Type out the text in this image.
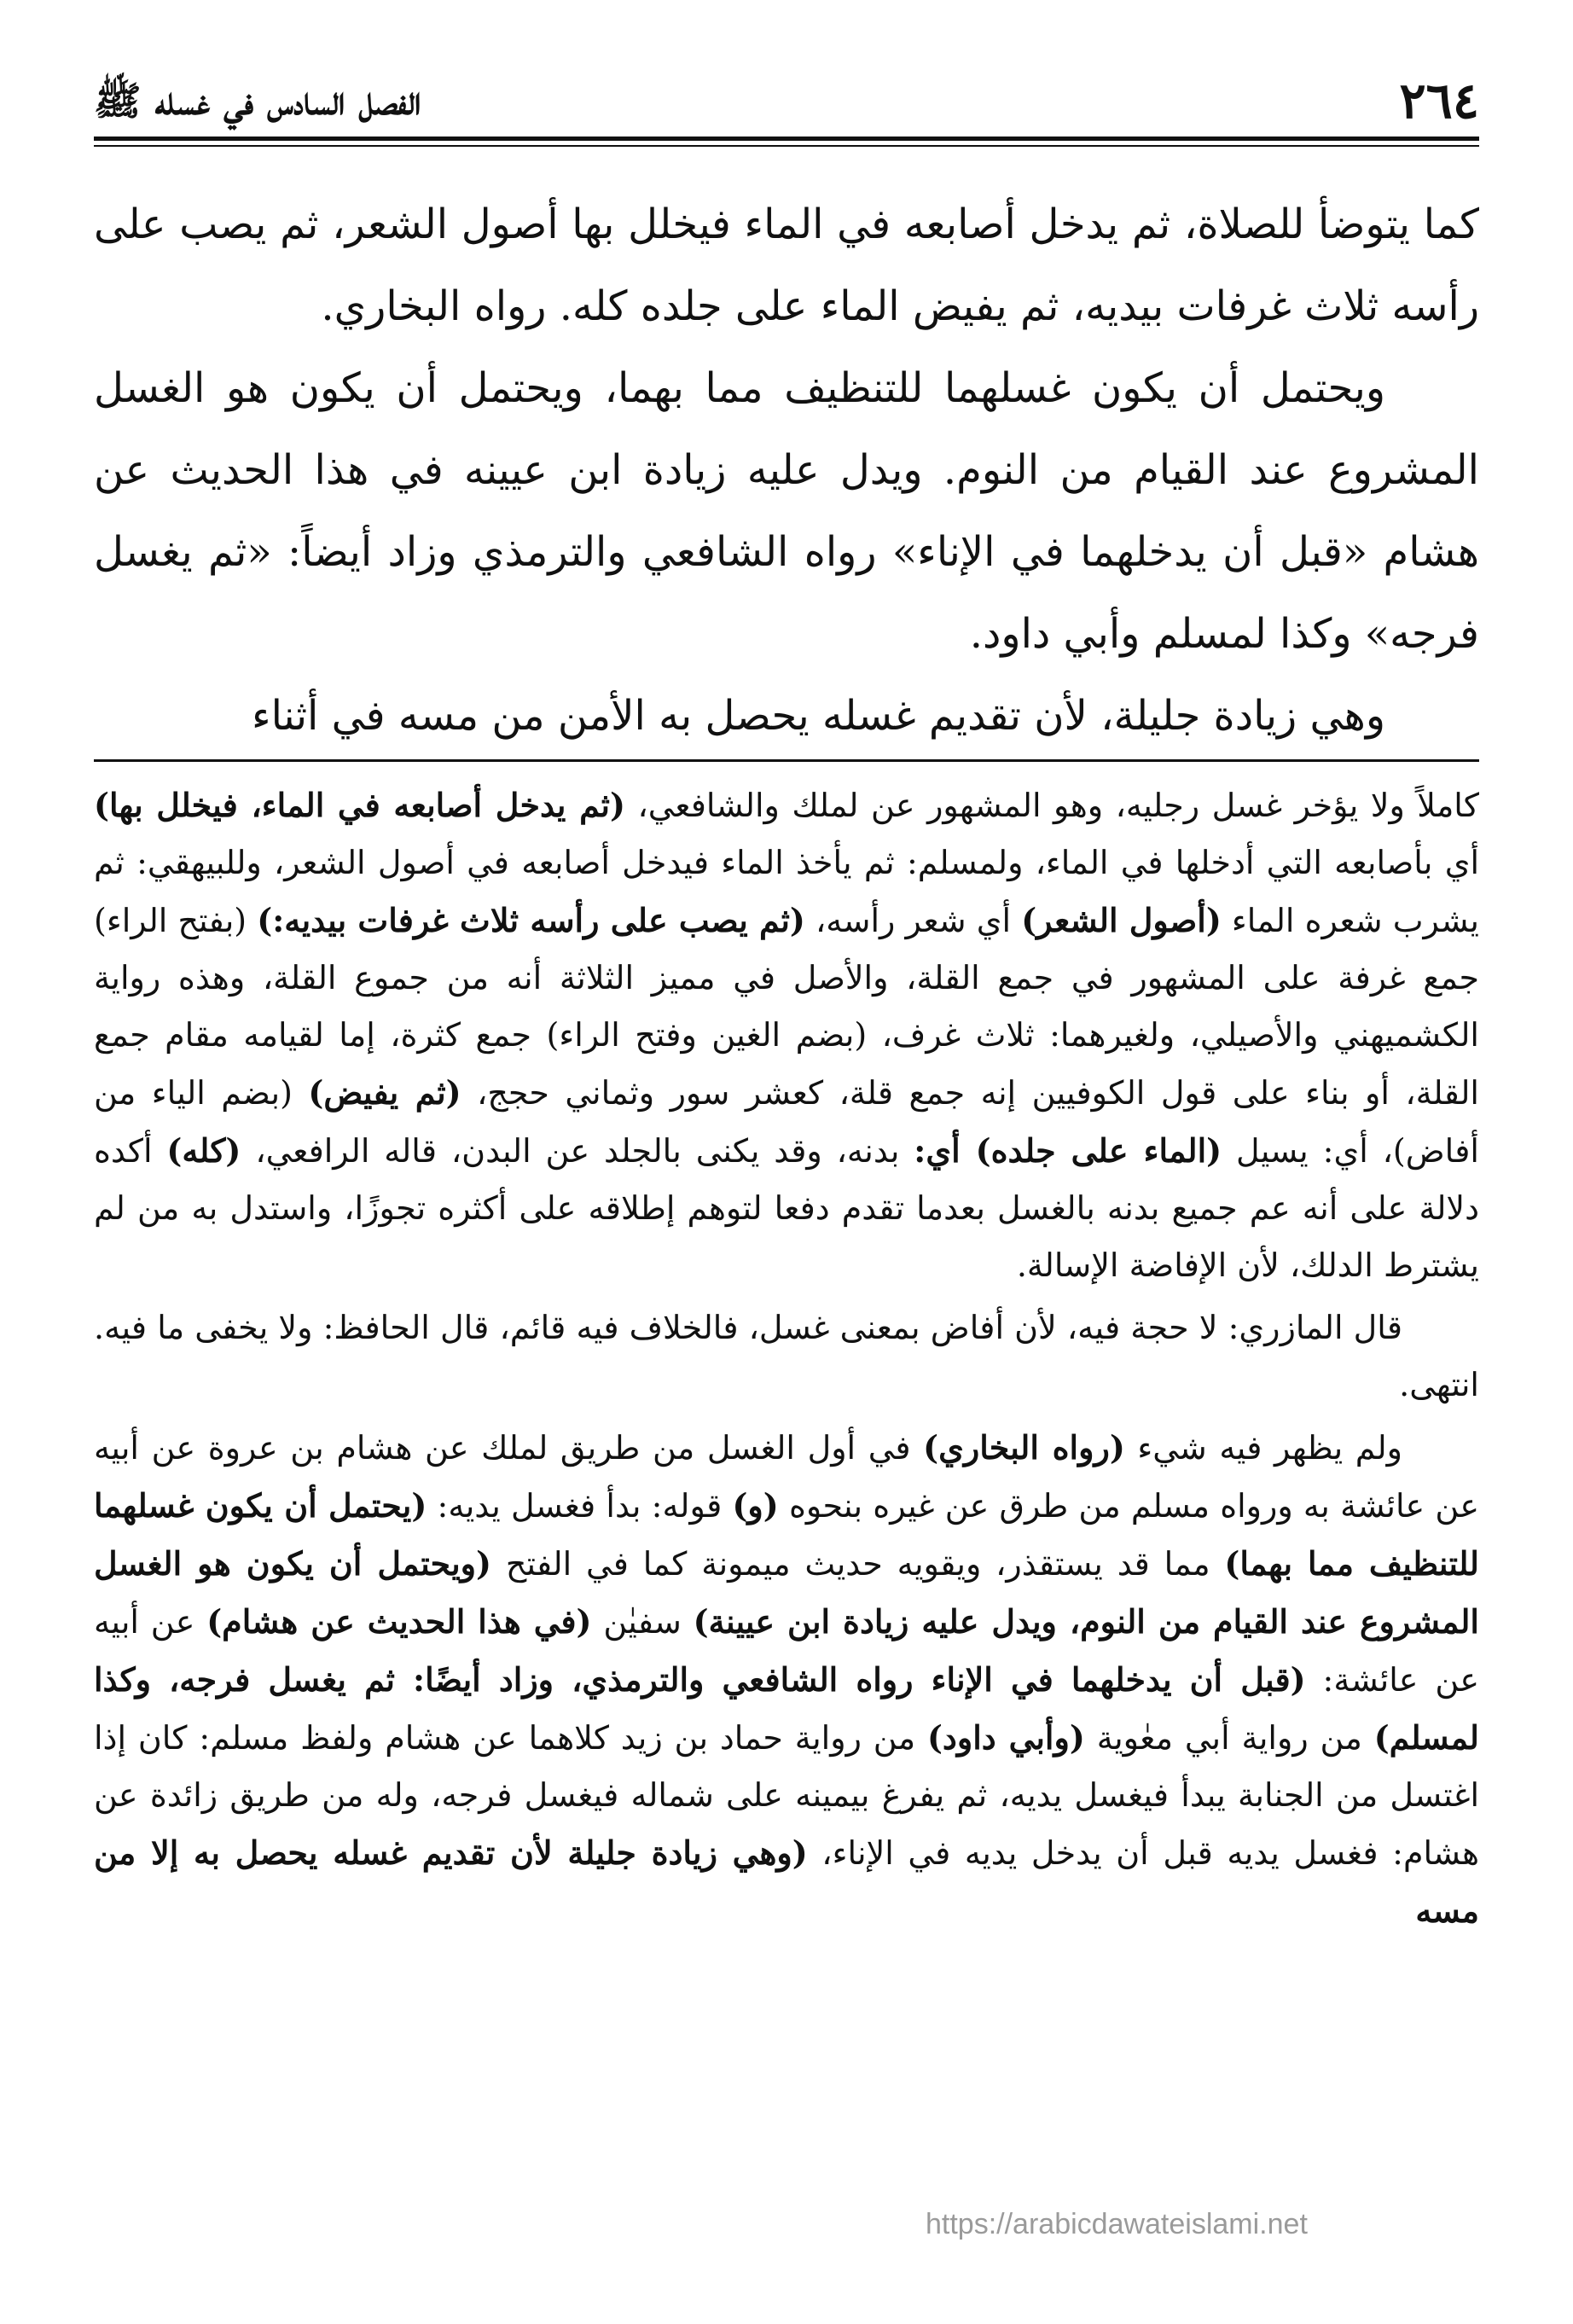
٢٦٤
الفصل السادس في غسله ﷺ

كما يتوضأ للصلاة، ثم يدخل أصابعه في الماء فيخلل بها أصول الشعر، ثم يصب على رأسه ثلاث غرفات بيديه، ثم يفيض الماء على جلده كله. رواه البخاري.

ويحتمل أن يكون غسلهما للتنظيف مما بهما، ويحتمل أن يكون هو الغسل المشروع عند القيام من النوم. ويدل عليه زيادة ابن عيينه في هذا الحديث عن هشام «قبل أن يدخلهما في الإناء» رواه الشافعي والترمذي وزاد أيضاً: «ثم يغسل فرجه» وكذا لمسلم وأبي داود.

وهي زيادة جليلة، لأن تقديم غسله يحصل به الأمن من مسه في أثناء

كاملاً ولا يؤخر غسل رجليه، وهو المشهور عن لملك والشافعي، (ثم يدخل أصابعه في الماء، فيخلل بها) أي بأصابعه التي أدخلها في الماء، ولمسلم: ثم يأخذ الماء فيدخل أصابعه في أصول الشعر، وللبيهقي: ثم يشرب شعره الماء (أصول الشعر) أي شعر رأسه، (ثم يصب على رأسه ثلاث غرفات بيديه:) (بفتح الراء) جمع غرفة على المشهور في جمع القلة، والأصل في مميز الثلاثة أنه من جموع القلة، وهذه رواية الكشميهني والأصيلي، ولغيرهما: ثلاث غرف، (بضم الغين وفتح الراء) جمع كثرة، إما لقيامه مقام جمع القلة، أو بناء على قول الكوفيين إنه جمع قلة، كعشر سور وثماني حجج، (ثم يفيض) (بضم الياء من أفاض)، أي: يسيل (الماء على جلده) أي: بدنه، وقد يكنى بالجلد عن البدن، قاله الرافعي، (كله) أكده دلالة على أنه عم جميع بدنه بالغسل بعدما تقدم دفعا لتوهم إطلاقه على أكثره تجوزًا، واستدل به من لم يشترط الدلك، لأن الإفاضة الإسالة.

قال المازري: لا حجة فيه، لأن أفاض بمعنى غسل، فالخلاف فيه قائم، قال الحافظ: ولا يخفى ما فيه. انتهى.

ولم يظهر فيه شيء (رواه البخاري) في أول الغسل من طريق لملك عن هشام بن عروة عن أبيه عن عائشة به ورواه مسلم من طرق عن غيره بنحوه (و) قوله: بدأ فغسل يديه: (يحتمل أن يكون غسلهما للتنظيف مما بهما) مما قد يستقذر، ويقويه حديث ميمونة كما في الفتح (ويحتمل أن يكون هو الغسل المشروع عند القيام من النوم، ويدل عليه زيادة ابن عيينة) سفيٰن (في هذا الحديث عن هشام) عن أبيه عن عائشة: (قبل أن يدخلهما في الإناء رواه الشافعي والترمذي، وزاد أيضًا: ثم يغسل فرجه، وكذا لمسلم) من رواية أبي معٰوية (وأبي داود) من رواية حماد بن زيد كلاهما عن هشام ولفظ مسلم: كان إذا اغتسل من الجنابة يبدأ فيغسل يديه، ثم يفرغ بيمينه على شماله فيغسل فرجه، وله من طريق زائدة عن هشام: فغسل يديه قبل أن يدخل يديه في الإناء، (وهي زيادة جليلة لأن تقديم غسله يحصل به إلا من مسه

https://arabicdawateislami.net
